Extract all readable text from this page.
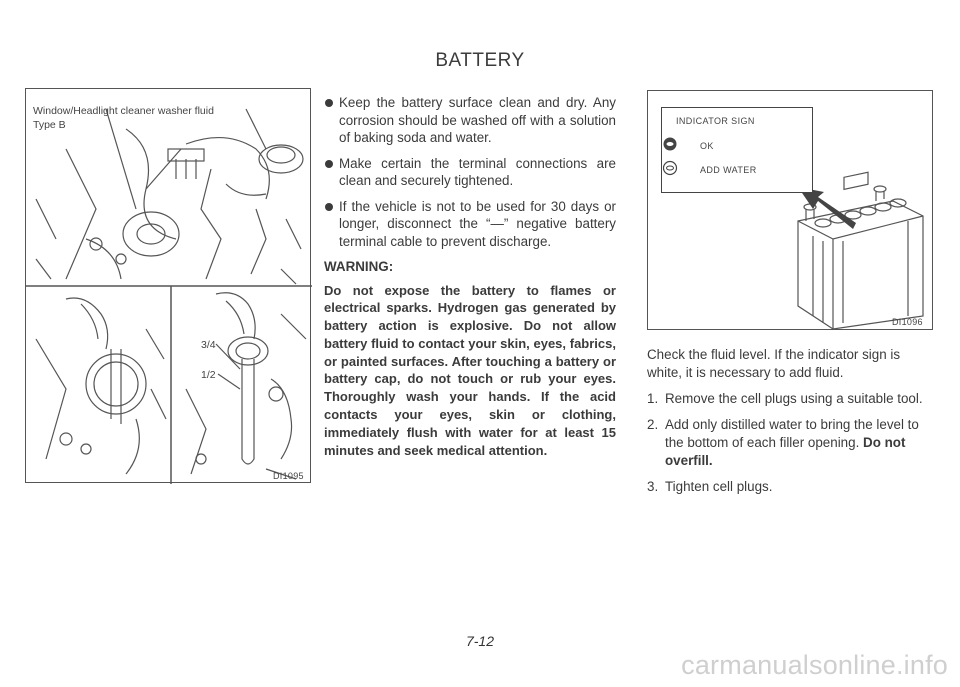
BATTERY
Window/Headlight cleaner washer fluid
Type B
3/4
1/2
DI1095
Keep the battery surface clean and dry. Any corrosion should be washed off with a solution of baking soda and water.
Make certain the terminal connections are clean and securely tightened.
If the vehicle is not to be used for 30 days or longer, disconnect the “—” negative battery terminal cable to prevent discharge.
WARNING:
Do not expose the battery to flames or electrical sparks. Hydrogen gas generated by battery action is explosive. Do not allow battery fluid to contact your skin, eyes, fabrics, or painted surfaces. After touching a battery or battery cap, do not touch or rub your eyes. Thoroughly wash your hands. If the acid contacts your eyes, skin or clothing, immediately flush with water for at least 15 minutes and seek medical attention.
INDICATOR SIGN
OK
ADD WATER
DI1096

Check the fluid level. If the indicator sign is white, it is necessary to add fluid.

1. Remove the cell plugs using a suitable tool.
2. Add only distilled water to bring the level to the bottom of each filler opening. Do not overfill.
3. Tighten cell plugs.
7-12
carmanualsonline.info
